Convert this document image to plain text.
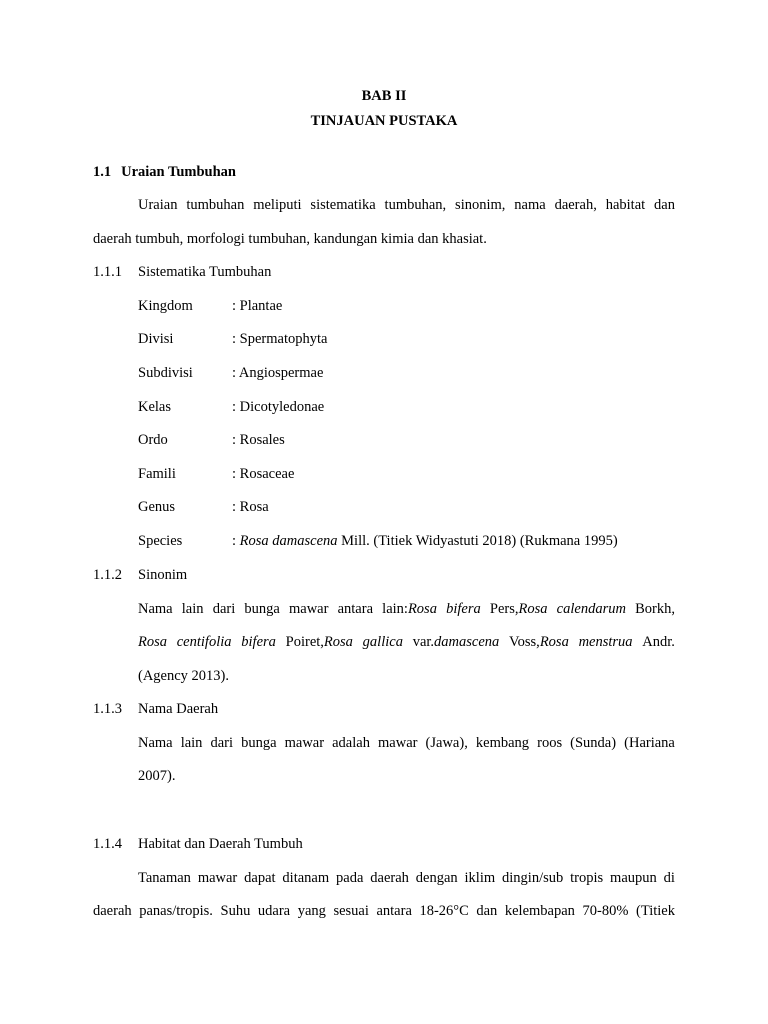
BAB II
TINJAUAN PUSTAKA
1.1 Uraian Tumbuhan
Uraian tumbuhan meliputi sistematika tumbuhan, sinonim, nama daerah, habitat dan
daerah tumbuh, morfologi tumbuhan, kandungan kimia dan khasiat.
1.1.1 Sistematika Tumbuhan
Kingdom	: Plantae
Divisi	: Spermatophyta
Subdivisi	: Angiospermae
Kelas	: Dicotyledonae
Ordo	: Rosales
Famili	: Rosaceae
Genus	: Rosa
Species	: Rosa damascena Mill. (Titiek Widyastuti 2018) (Rukmana 1995)
1.1.2 Sinonim
Nama lain dari bunga mawar antara lain:Rosa bifera Pers,Rosa calendarum Borkh,
Rosa centifolia bifera Poiret,Rosa gallica var.damascena Voss,Rosa menstrua Andr.
(Agency 2013).
1.1.3 Nama Daerah
Nama lain dari bunga mawar adalah mawar (Jawa), kembang roos (Sunda) (Hariana
2007).
1.1.4 Habitat dan Daerah Tumbuh
Tanaman mawar dapat ditanam pada daerah dengan iklim dingin/sub tropis maupun di
daerah panas/tropis. Suhu udara yang sesuai antara 18-26°C dan kelembapan 70-80% (Titiek
